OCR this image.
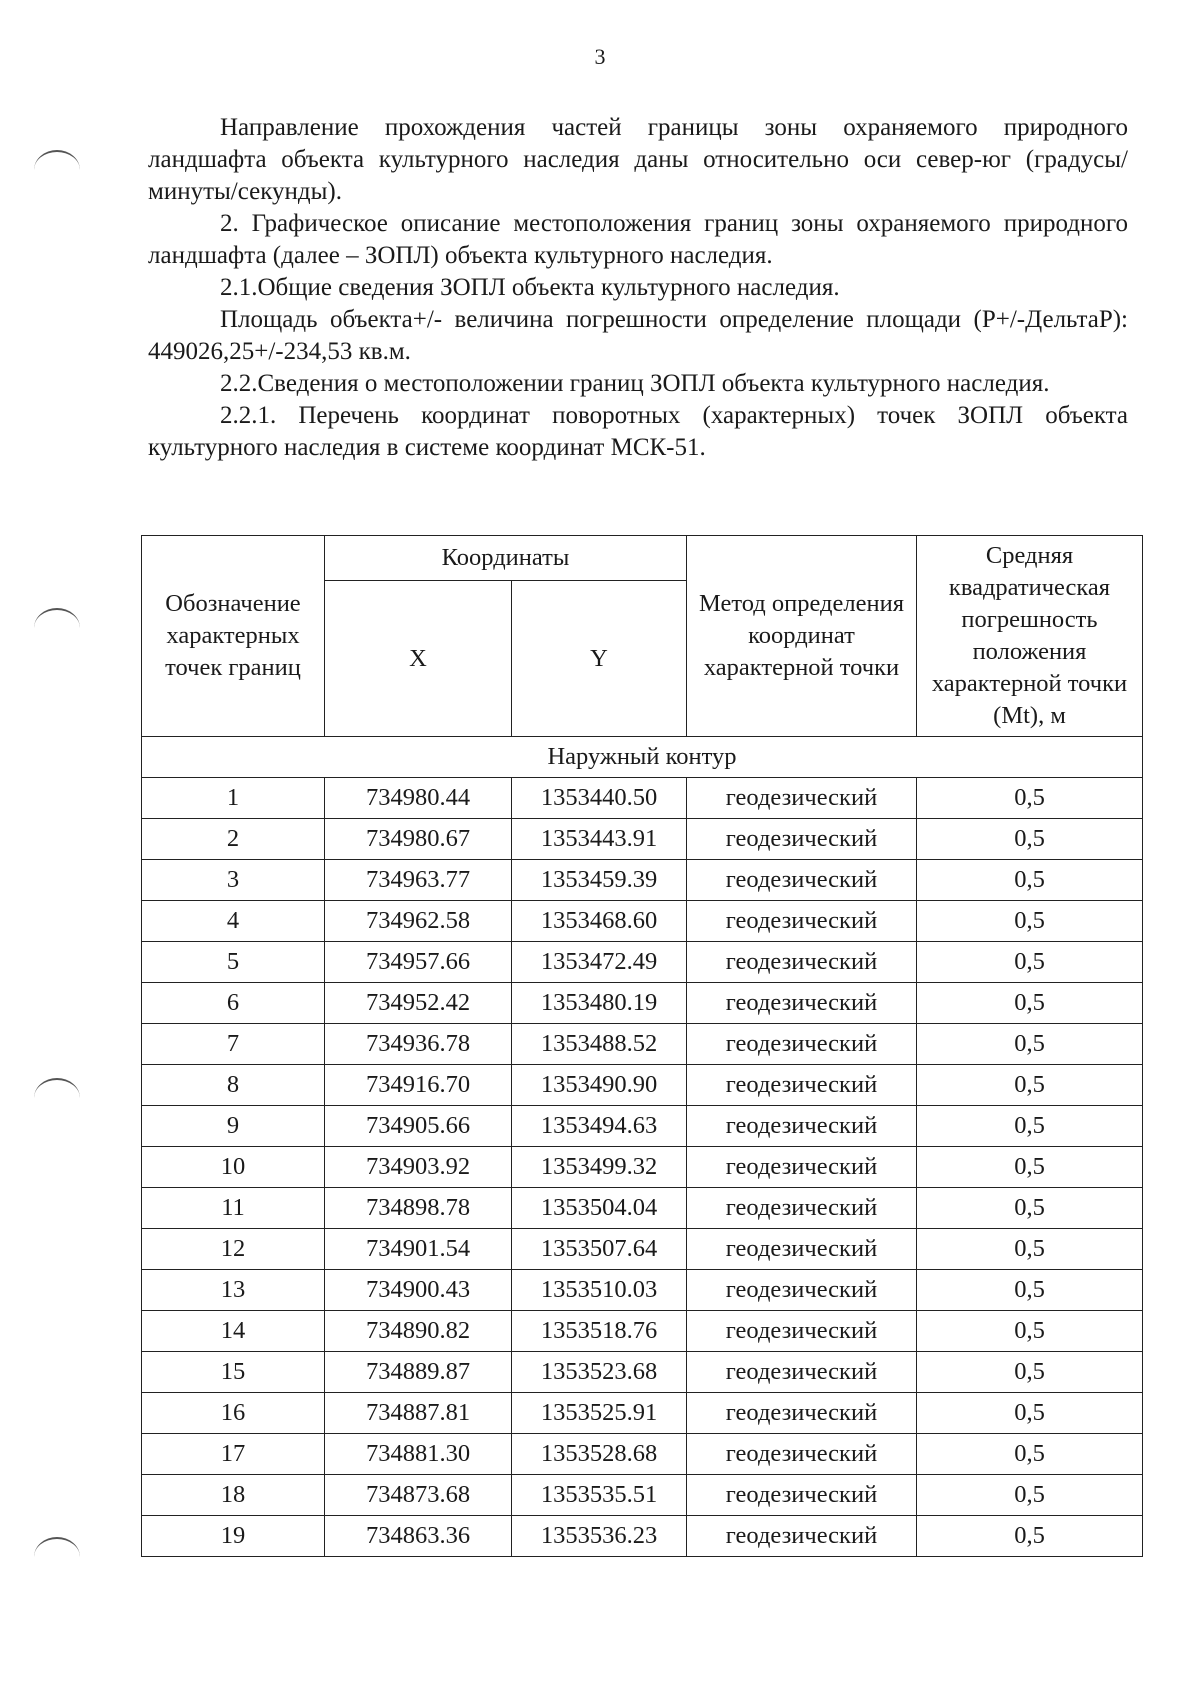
3

Направление прохождения частей границы зоны охраняемого природного ландшафта объекта культурного наследия даны относительно оси север-юг (градусы/минуты/секунды).

2. Графическое описание местоположения границ зоны охраняемого природного ландшафта (далее – ЗОПЛ) объекта культурного наследия.

2.1.Общие сведения ЗОПЛ объекта культурного наследия.

Площадь объекта+/- величина погрешности определение площади (Р+/-ДельтаР): 449026,25+/-234,53 кв.м.

2.2.Сведения о местоположении границ ЗОПЛ объекта культурного наследия.

2.2.1. Перечень координат поворотных (характерных) точек ЗОПЛ объекта культурного наследия в системе координат МСК-51.

Обозначение характерных точек границ	Координаты		Метод определения координат характерной точки	Средняя квадратическая погрешность положения характерной точки (Mt), м
	X	Y		
Наружный контур				
1	734980.44	1353440.50	геодезический	0,5
2	734980.67	1353443.91	геодезический	0,5
3	734963.77	1353459.39	геодезический	0,5
4	734962.58	1353468.60	геодезический	0,5
5	734957.66	1353472.49	геодезический	0,5
6	734952.42	1353480.19	геодезический	0,5
7	734936.78	1353488.52	геодезический	0,5
8	734916.70	1353490.90	геодезический	0,5
9	734905.66	1353494.63	геодезический	0,5
10	734903.92	1353499.32	геодезический	0,5
11	734898.78	1353504.04	геодезический	0,5
12	734901.54	1353507.64	геодезический	0,5
13	734900.43	1353510.03	геодезический	0,5
14	734890.82	1353518.76	геодезический	0,5
15	734889.87	1353523.68	геодезический	0,5
16	734887.81	1353525.91	геодезический	0,5
17	734881.30	1353528.68	геодезический	0,5
18	734873.68	1353535.51	геодезический	0,5
19	734863.36	1353536.23	геодезический	0,5
